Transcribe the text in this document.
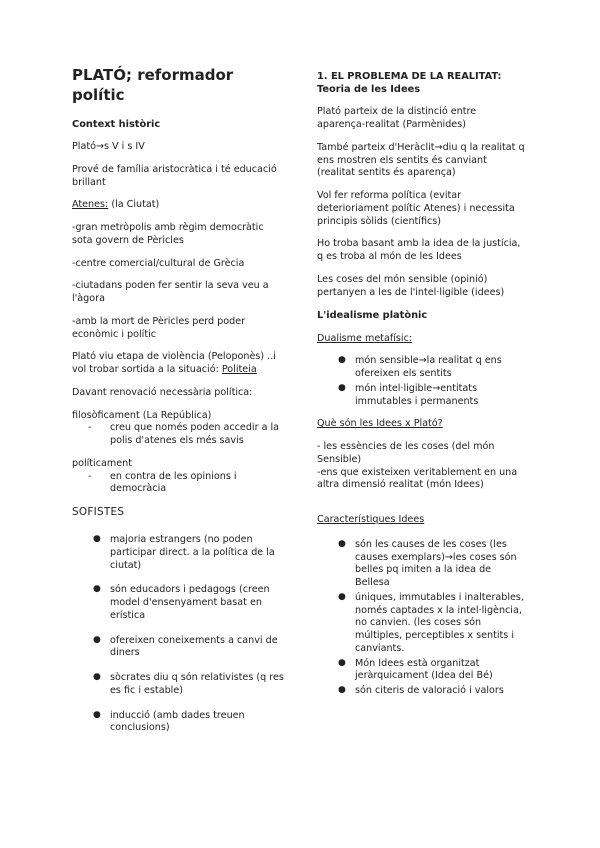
PLATÓ; reformador polític
Context històric

Plató→s V i s IV

Prové de família aristocràtica i té educació brillant

Atenes: (la Ciutat)

-gran metròpolis amb règim democràtic sota govern de Pèricles

-centre comercial/cultural de Grècia

-ciutadans poden fer sentir la seva veu a l'àgora

-amb la mort de Pèricles perd poder econòmic i polític

Plató viu etapa de violència (Peloponès) ..i vol trobar sortida a la situació: Politeia

Davant renovació necessària política:

filosòficament (La República)

- creu que només poden accedir a la polis d'atenes els més savis

políticament

- en contra de les opinions i democràcia
SOFISTES
● majoria estrangers (no poden participar direct. a la política de la ciutat)
● són educadors i pedagogs (creen model d'ensenyament basat en erística
● ofereixen coneixements a canvi de diners
● sòcrates diu q són relativistes (q res es fic i estable)
● inducció (amb dades treuen conclusions)
1. EL PROBLEMA DE LA REALITAT:
Teoria de les Idees

Plató parteix de la distinció entre aparença-realitat (Parmènides)

També parteix d'Heràclit→diu q la realitat q ens mostren els sentits és canviant (realitat sentits és aparença)

Vol fer reforma política (evitar deterioriament polític Atenes) i necessita principis sòlids (científics)

Ho troba basant amb la idea de la justícia, q es troba al món de les Idees

Les coses del món sensible (opinió) pertanyen a les de l'intel·ligible (idees)

L'idealisme platònic

Dualisme metafísic:

● món sensible→la realitat q ens ofereixen els sentits
● món intel·ligible→entitats immutables i permanents

Què són les Idees x Plató?

- les essències de les coses (del món Sensible)

-ens que existeixen veritablement en una altra dimensió realitat (món Idees)

Característiques Idees

● són les causes de les coses (les causes exemplars)→les coses són belles pq imiten a la idea de Bellesa
● úniques, immutables i inalterables, només captades x la intel·ligència, no canvien. (les coses són múltiples, perceptibles x sentits i canviants.
● Món Idees està organitzat jeràrquicament (Idea del Bé)
● són citeris de valoració i valors
